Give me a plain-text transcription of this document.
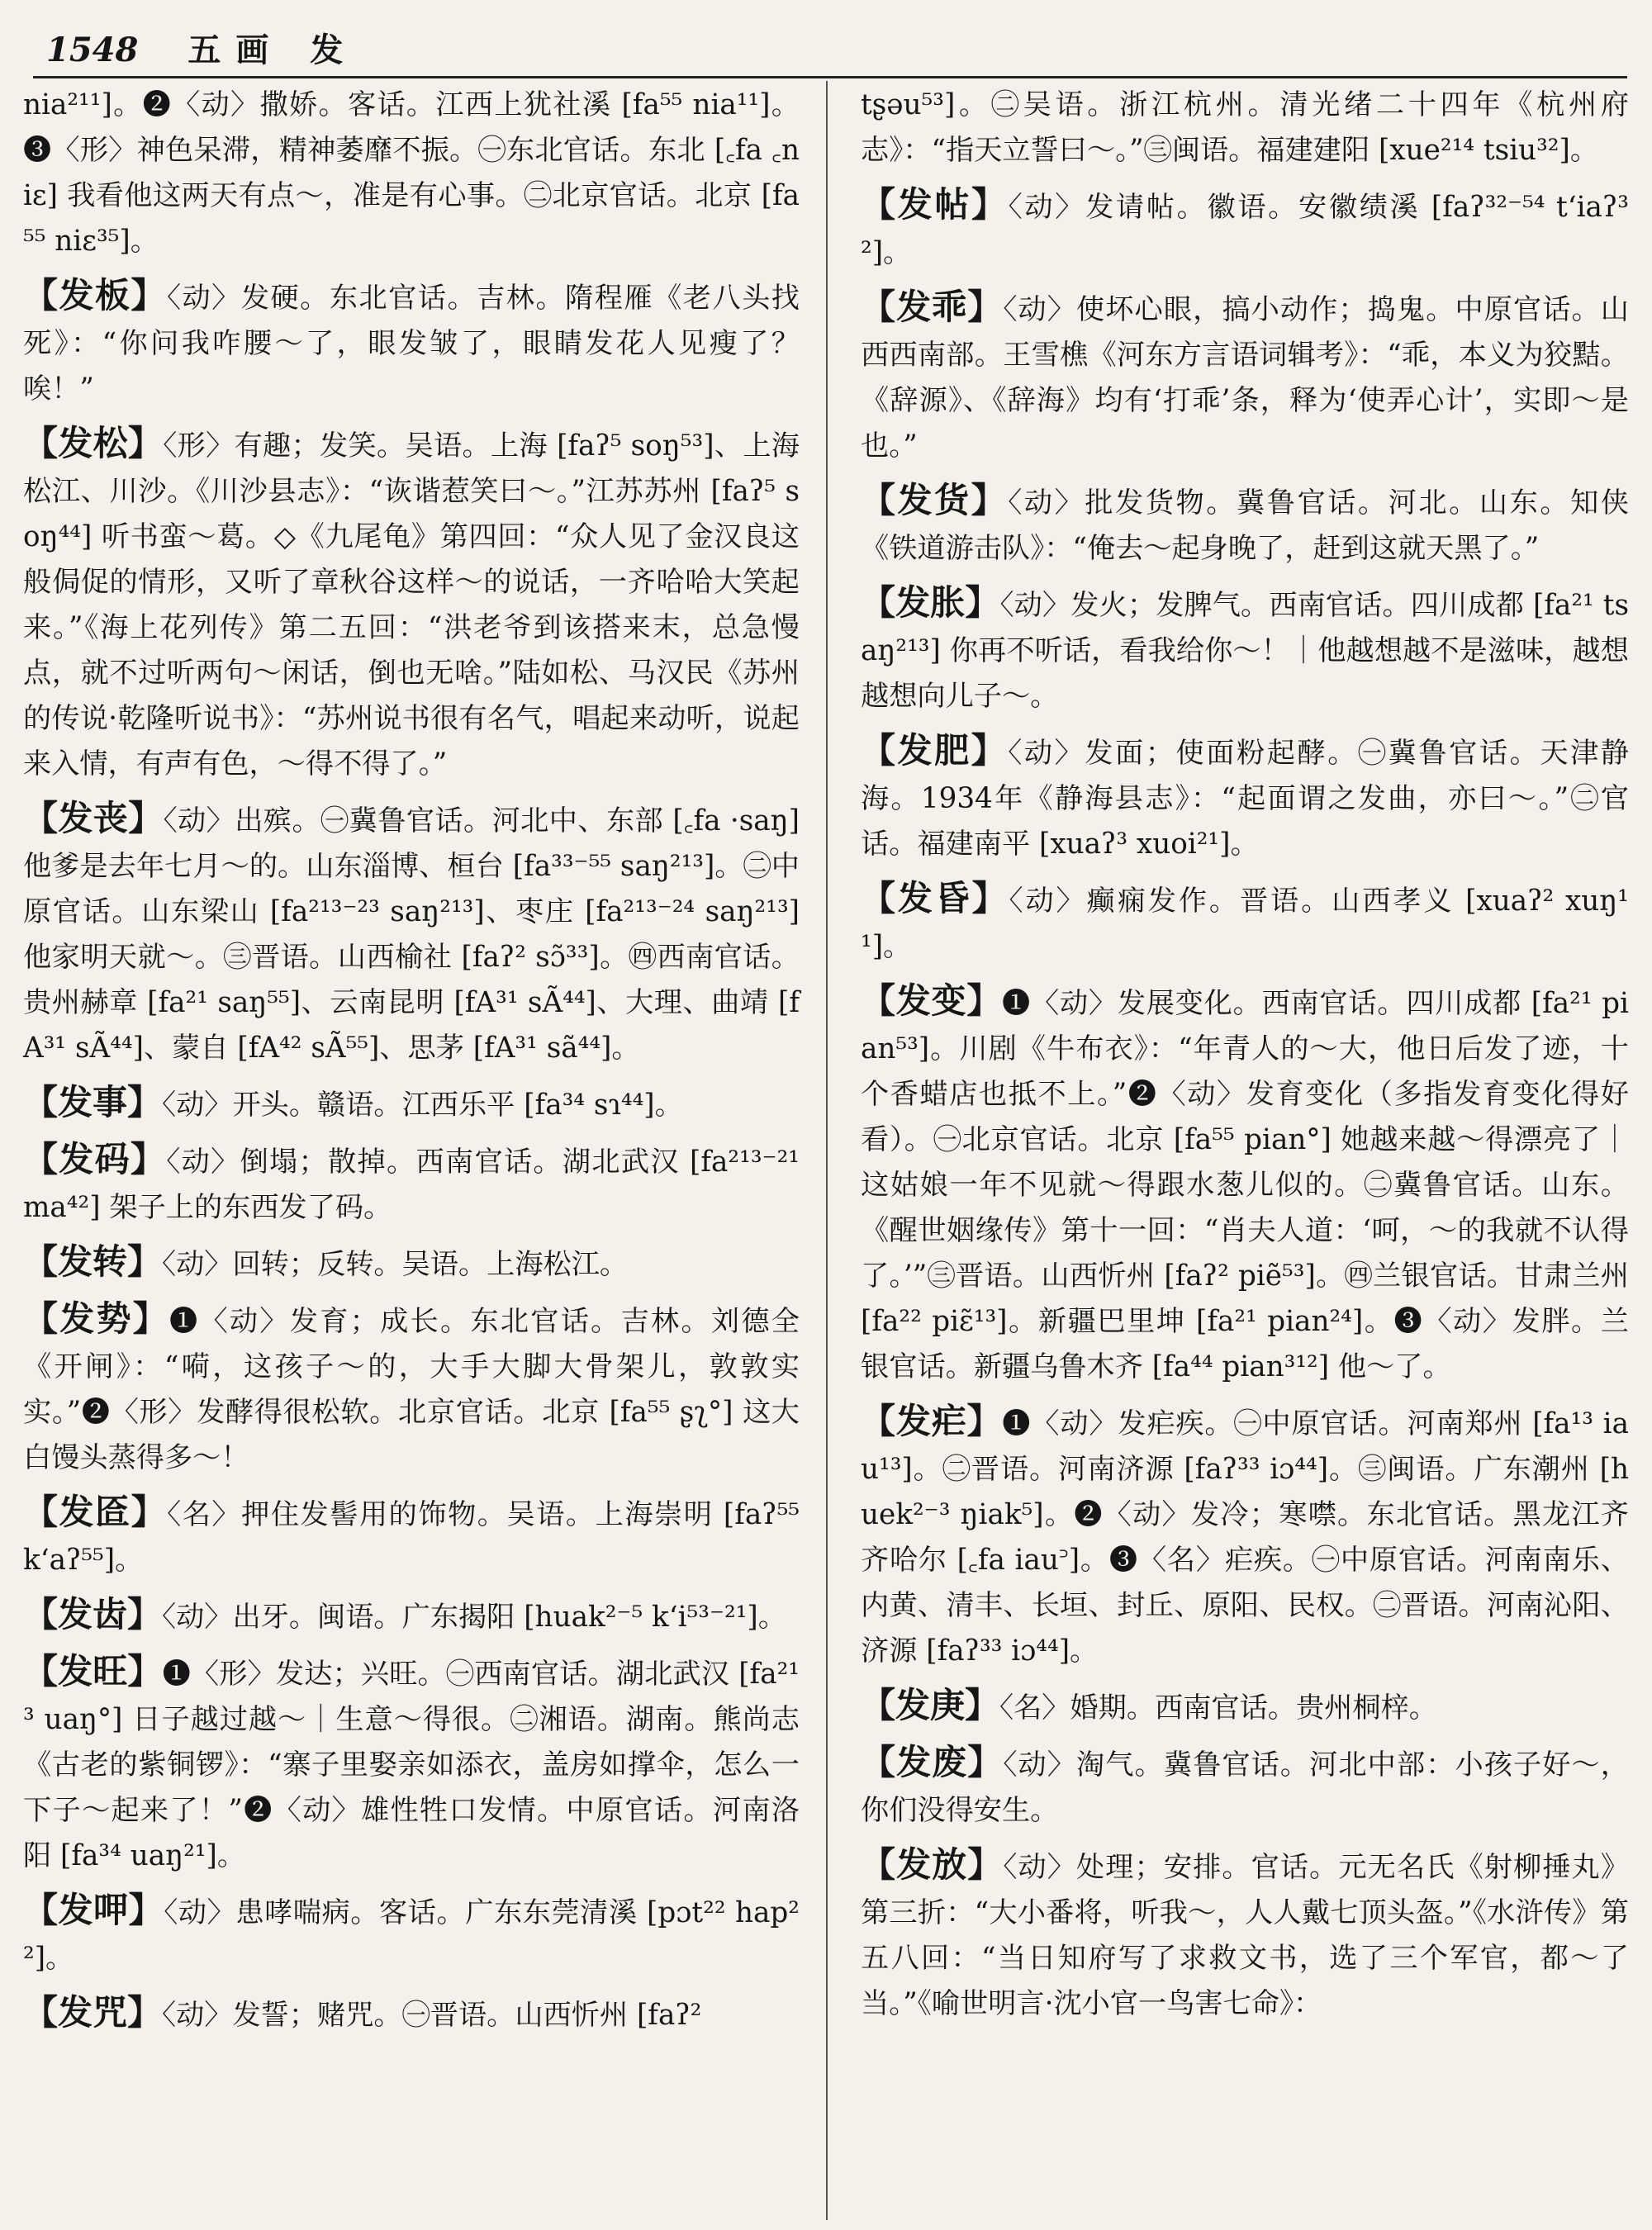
1548 五画 发

nia²¹¹]。❷〈动〉撒娇。客话。江西上犹社溪 [fa⁵⁵ nia¹¹]。❸〈形〉神色呆滞，精神萎靡不振。㊀东北官话。东北 [꜀fa ꜀niɛ] 我看他这两天有点～，准是有心事。㊁北京官话。北京 [fa⁵⁵ niɛ³⁵]。

【发板】〈动〉发硬。东北官话。吉林。隋程雁《老八头找死》：“你问我咋腰～了，眼发皱了，眼睛发花人见瘦了？唉！”

【发松】〈形〉有趣；发笑。吴语。上海 [faʔ⁵ soŋ⁵³]、上海松江、川沙。《川沙县志》：“诙谐惹笑曰～。”江苏苏州 [faʔ⁵ soŋ⁴⁴] 听书蛮～葛。◇《九尾龟》第四回：“众人见了金汉良这般侷促的情形，又听了章秋谷这样～的说话，一齐哈哈大笑起来。”《海上花列传》第二五回：“洪老爷到该搭来末，总急慢点，就不过听两句～闲话，倒也无啥。”陆如松、马汉民《苏州的传说·乾隆听说书》：“苏州说书很有名气，唱起来动听，说起来入情，有声有色，～得不得了。”

【发丧】〈动〉出殡。㊀冀鲁官话。河北中、东部 [꜀fa ·saŋ] 他爹是去年七月～的。山东淄博、桓台 [fa³³⁻⁵⁵ saŋ²¹³]。㊁中原官话。山东梁山 [fa²¹³⁻²³ saŋ²¹³]、枣庄 [fa²¹³⁻²⁴ saŋ²¹³] 他家明天就～。㊂晋语。山西榆社 [faʔ² sɔ̃³³]。㊃西南官话。贵州赫章 [fa²¹ saŋ⁵⁵]、云南昆明 [fA³¹ sÃ⁴⁴]、大理、曲靖 [fA³¹ sÃ⁴⁴]、蒙自 [fA⁴² sÃ⁵⁵]、思茅 [fA³¹ sã⁴⁴]。

【发事】〈动〉开头。赣语。江西乐平 [fa³⁴ sɿ⁴⁴]。

【发码】〈动〉倒塌；散掉。西南官话。湖北武汉 [fa²¹³⁻²¹ ma⁴²] 架子上的东西发了码。

【发转】〈动〉回转；反转。吴语。上海松江。

【发势】❶〈动〉发育；成长。东北官话。吉林。刘德全《开闸》：“嗬，这孩子～的，大手大脚大骨架儿，敦敦实实。”❷〈形〉发酵得很松软。北京官话。北京 [fa⁵⁵ ʂʅ°] 这大白馒头蒸得多～！

【发匼】〈名〉押住发髻用的饰物。吴语。上海崇明 [faʔ⁵⁵ k‘aʔ⁵⁵]。

【发齿】〈动〉出牙。闽语。广东揭阳 [huak²⁻⁵ k‘i⁵³⁻²¹]。

【发旺】❶〈形〉发达；兴旺。㊀西南官话。湖北武汉 [fa²¹³ uaŋ°] 日子越过越～｜生意～得很。㊁湘语。湖南。熊尚志《古老的紫铜锣》：“寨子里娶亲如添衣，盖房如撑伞，怎么一下子～起来了！”❷〈动〉雄性牲口发情。中原官话。河南洛阳 [fa³⁴ uaŋ²¹]。

【发呷】〈动〉患哮喘病。客话。广东东莞清溪 [pɔt²² hap²²]。

【发咒】〈动〉发誓；赌咒。㊀晋语。山西忻州 [faʔ²

tʂəu⁵³]。㊁吴语。浙江杭州。清光绪二十四年《杭州府志》：“指天立誓曰～。”㊂闽语。福建建阳 [xue²¹⁴ tsiu³²]。

【发帖】〈动〉发请帖。徽语。安徽绩溪 [faʔ³²⁻⁵⁴ t‘iaʔ³²]。

【发乖】〈动〉使坏心眼，搞小动作；捣鬼。中原官话。山西西南部。王雪樵《河东方言语词辑考》：“乖，本义为狡黠。《辞源》、《辞海》均有‘打乖’条，释为‘使弄心计’，实即～是也。”

【发货】〈动〉批发货物。冀鲁官话。河北。山东。知侠《铁道游击队》：“俺去～起身晚了，赶到这就天黑了。”

【发胀】〈动〉发火；发脾气。西南官话。四川成都 [fa²¹ tsaŋ²¹³] 你再不听话，看我给你～！｜他越想越不是滋味，越想越想向儿子～。

【发肥】〈动〉发面；使面粉起酵。㊀冀鲁官话。天津静海。1934年《静海县志》：“起面谓之发曲，亦曰～。”㊁官话。福建南平 [xuaʔ³ xuoi²¹]。

【发昏】〈动〉癫痫发作。晋语。山西孝义 [xuaʔ² xuŋ¹¹]。

【发变】❶〈动〉发展变化。西南官话。四川成都 [fa²¹ pian⁵³]。川剧《牛布衣》：“年青人的～大，他日后发了迹，十个香蜡店也抵不上。”❷〈动〉发育变化（多指发育变化得好看）。㊀北京官话。北京 [fa⁵⁵ pian°] 她越来越～得漂亮了｜这姑娘一年不见就～得跟水葱儿似的。㊁冀鲁官话。山东。《醒世姻缘传》第十一回：“肖夫人道：‘呵，～的我就不认得了。’”㊂晋语。山西忻州 [faʔ² piẽ⁵³]。㊃兰银官话。甘肃兰州 [fa²² piɛ̃¹³]。新疆巴里坤 [fa²¹ pian²⁴]。❸〈动〉发胖。兰银官话。新疆乌鲁木齐 [fa⁴⁴ pian³¹²] 他～了。

【发疟】❶〈动〉发疟疾。㊀中原官话。河南郑州 [fa¹³ iau¹³]。㊁晋语。河南济源 [faʔ³³ iɔ⁴⁴]。㊂闽语。广东潮州 [huek²⁻³ ŋiak⁵]。❷〈动〉发冷；寒噤。东北官话。黑龙江齐齐哈尔 [꜀fa iau꜄]。❸〈名〉疟疾。㊀中原官话。河南南乐、内黄、清丰、长垣、封丘、原阳、民权。㊁晋语。河南沁阳、济源 [faʔ³³ iɔ⁴⁴]。

【发庚】〈名〉婚期。西南官话。贵州桐梓。

【发废】〈动〉淘气。冀鲁官话。河北中部：小孩子好～，你们没得安生。

【发放】〈动〉处理；安排。官话。元无名氏《射柳捶丸》第三折：“大小番将，听我～，人人戴七顶头盔。”《水浒传》第五八回：“当日知府写了求救文书，选了三个军官，都～了当。”《喻世明言·沈小官一鸟害七命》：
